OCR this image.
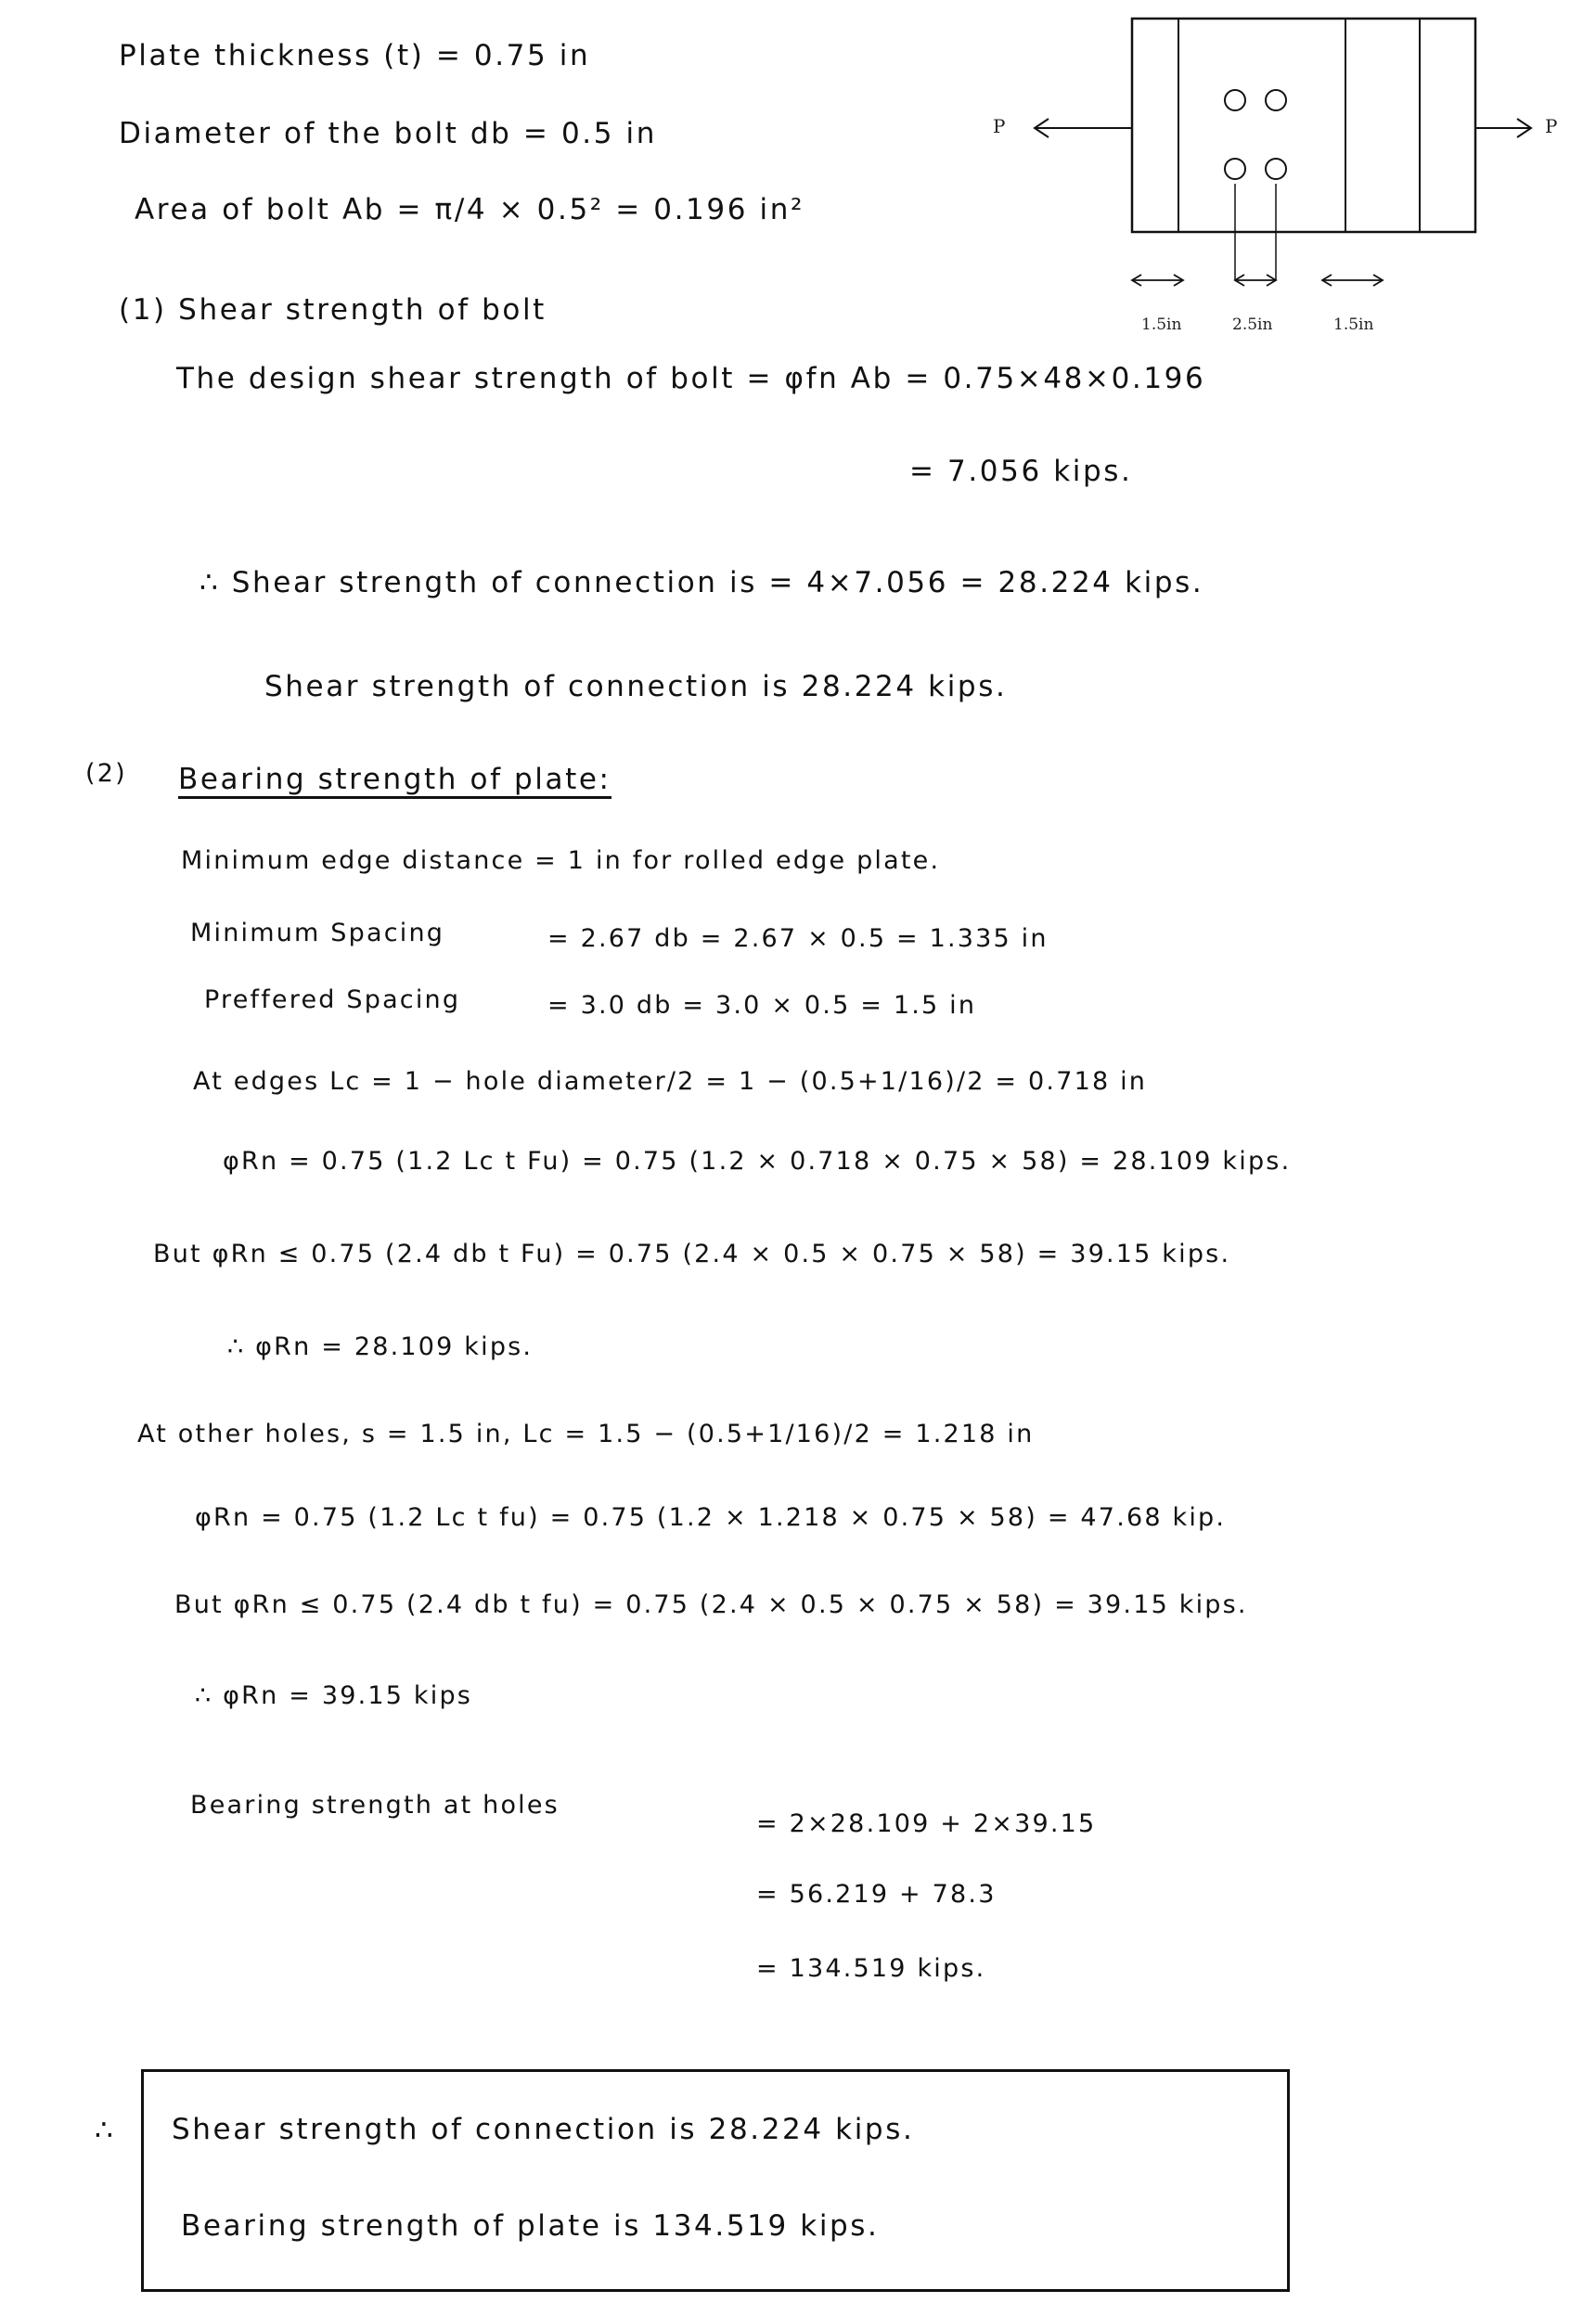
Plate thickness (t) = 0.75 in
Diameter of the bolt db = 0.5 in
Area of bolt Ab = π/4 × 0.5² = 0.196 in²
P	P
1.5in	2.5in	1.5in
(1) Shear strength of bolt
The design shear strength of bolt = φfn Ab = 0.75×48×0.196
= 7.056 kips.
∴ Shear strength of connection is = 4×7.056 = 28.224 kips.
Shear strength of connection is 28.224 kips.
(2) Bearing strength of plate:
Minimum edge distance = 1 in for rolled edge plate.
Minimum Spacing	= 2.67 db = 2.67 × 0.5 = 1.335 in
Preffered Spacing	= 3.0 db = 3.0 × 0.5 = 1.5 in
At edges Lc = 1 − hole diameter/2 = 1 − (0.5+1/16)/2 = 0.718 in
φRn = 0.75 (1.2 Lc t Fu) = 0.75 (1.2 × 0.718 × 0.75 × 58) = 28.109 kips.
But φRn ≤ 0.75 (2.4 db t Fu) = 0.75 (2.4 × 0.5 × 0.75 × 58) = 39.15 kips.
∴ φRn = 28.109 kips.
At other holes, s = 1.5 in, Lc = 1.5 − (0.5+1/16)/2 = 1.218 in
φRn = 0.75 (1.2 Lc t fu) = 0.75 (1.2 × 1.218 × 0.75 × 58) = 47.68 kip.
But φRn ≤ 0.75 (2.4 db t fu) = 0.75 (2.4 × 0.5 × 0.75 × 58) = 39.15 kips.
∴ φRn = 39.15 kips
Bearing strength at holes
= 2×28.109 + 2×39.15
= 56.219 + 78.3
= 134.519 kips.
∴ Shear strength of connection is 28.224 kips.
Bearing strength of plate is 134.519 kips.
